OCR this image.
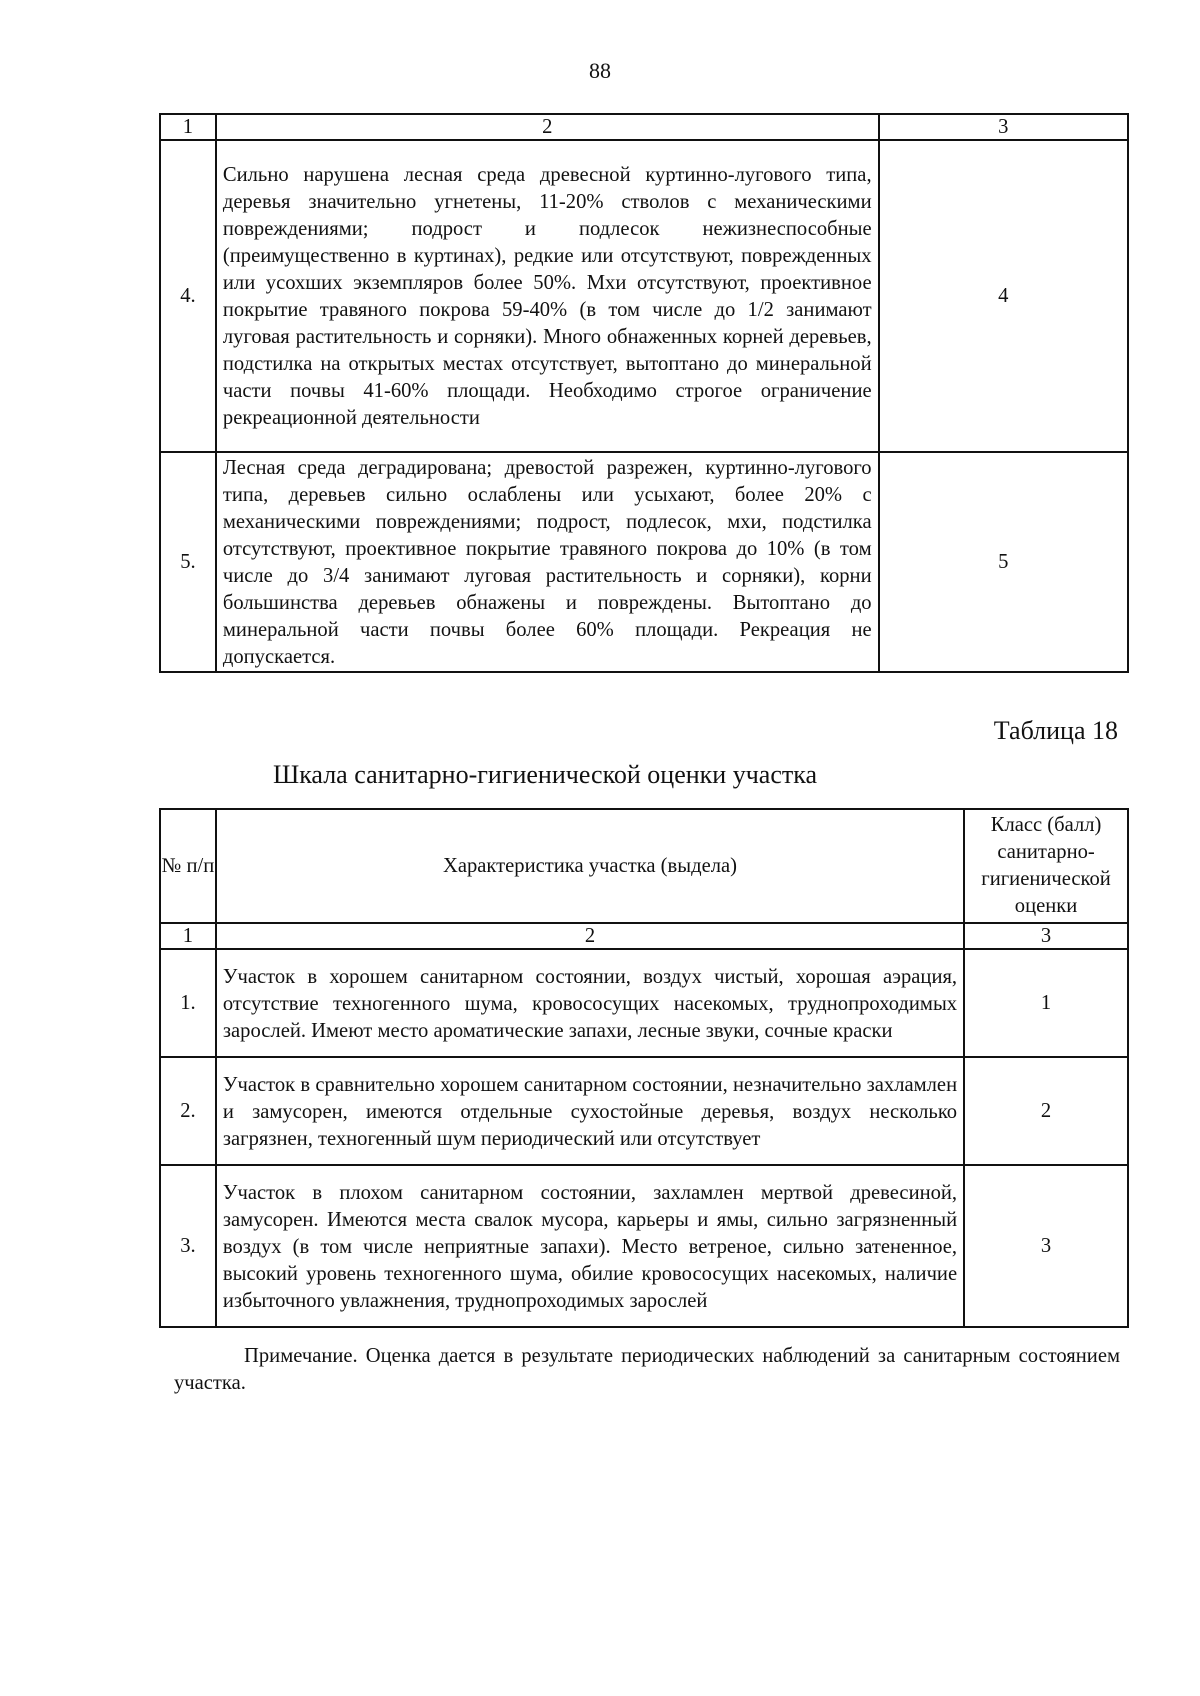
88
1	2	3
4.	Сильно нарушена лесная среда древесной куртинно-лугового типа, деревья значительно угнетены, 11-20% стволов с механическими повреждениями; подрост и подлесок нежизнеспособные (преимущественно в куртинах), редкие или отсутствуют, поврежденных или усохших экземпляров более 50%. Мхи отсутствуют, проективное покрытие травяного покрова 59-40% (в том числе до 1/2 занимают луговая растительность и сорняки). Много обнаженных корней деревьев, подстилка на открытых местах отсутствует, вытоптано до минеральной части почвы 41-60% площади. Необходимо строгое ограничение рекреационной деятельности	4
5.	Лесная среда деградирована; древостой разрежен, куртинно-лугового типа, деревьев сильно ослаблены или усыхают, более 20% с механическими повреждениями; подрост, подлесок, мхи, подстилка отсутствуют, проективное покрытие травяного покрова до 10% (в том числе до 3/4 занимают луговая растительность и сорняки), корни большинства деревьев обнажены и повреждены. Вытоптано до минеральной части почвы более 60% площади. Рекреация не допускается.	5
Таблица 18
Шкала санитарно-гигиенической оценки участка
№ п/п	Характеристика участка (выдела)	Класс (балл) санитарно-гигиенической оценки
1	2	3
1.	Участок в хорошем санитарном состоянии, воздух чистый, хорошая аэрация, отсутствие техногенного шума, кровососущих насекомых, труднопроходимых зарослей. Имеют место ароматические запахи, лесные звуки, сочные краски	1
2.	Участок в сравнительно хорошем санитарном состоянии, незначительно захламлен и замусорен, имеются отдельные сухостойные деревья, воздух несколько загрязнен, техногенный шум периодический или отсутствует	2
3.	Участок в плохом санитарном состоянии, захламлен мертвой древесиной, замусорен. Имеются места свалок мусора, карьеры и ямы, сильно загрязненный воздух (в том числе неприятные запахи). Место ветреное, сильно затененное, высокий уровень техногенного шума, обилие кровососущих насекомых, наличие избыточного увлажнения, труднопроходимых зарослей	3
Примечание. Оценка дается в результате периодических наблюдений за санитарным состоянием участка.
